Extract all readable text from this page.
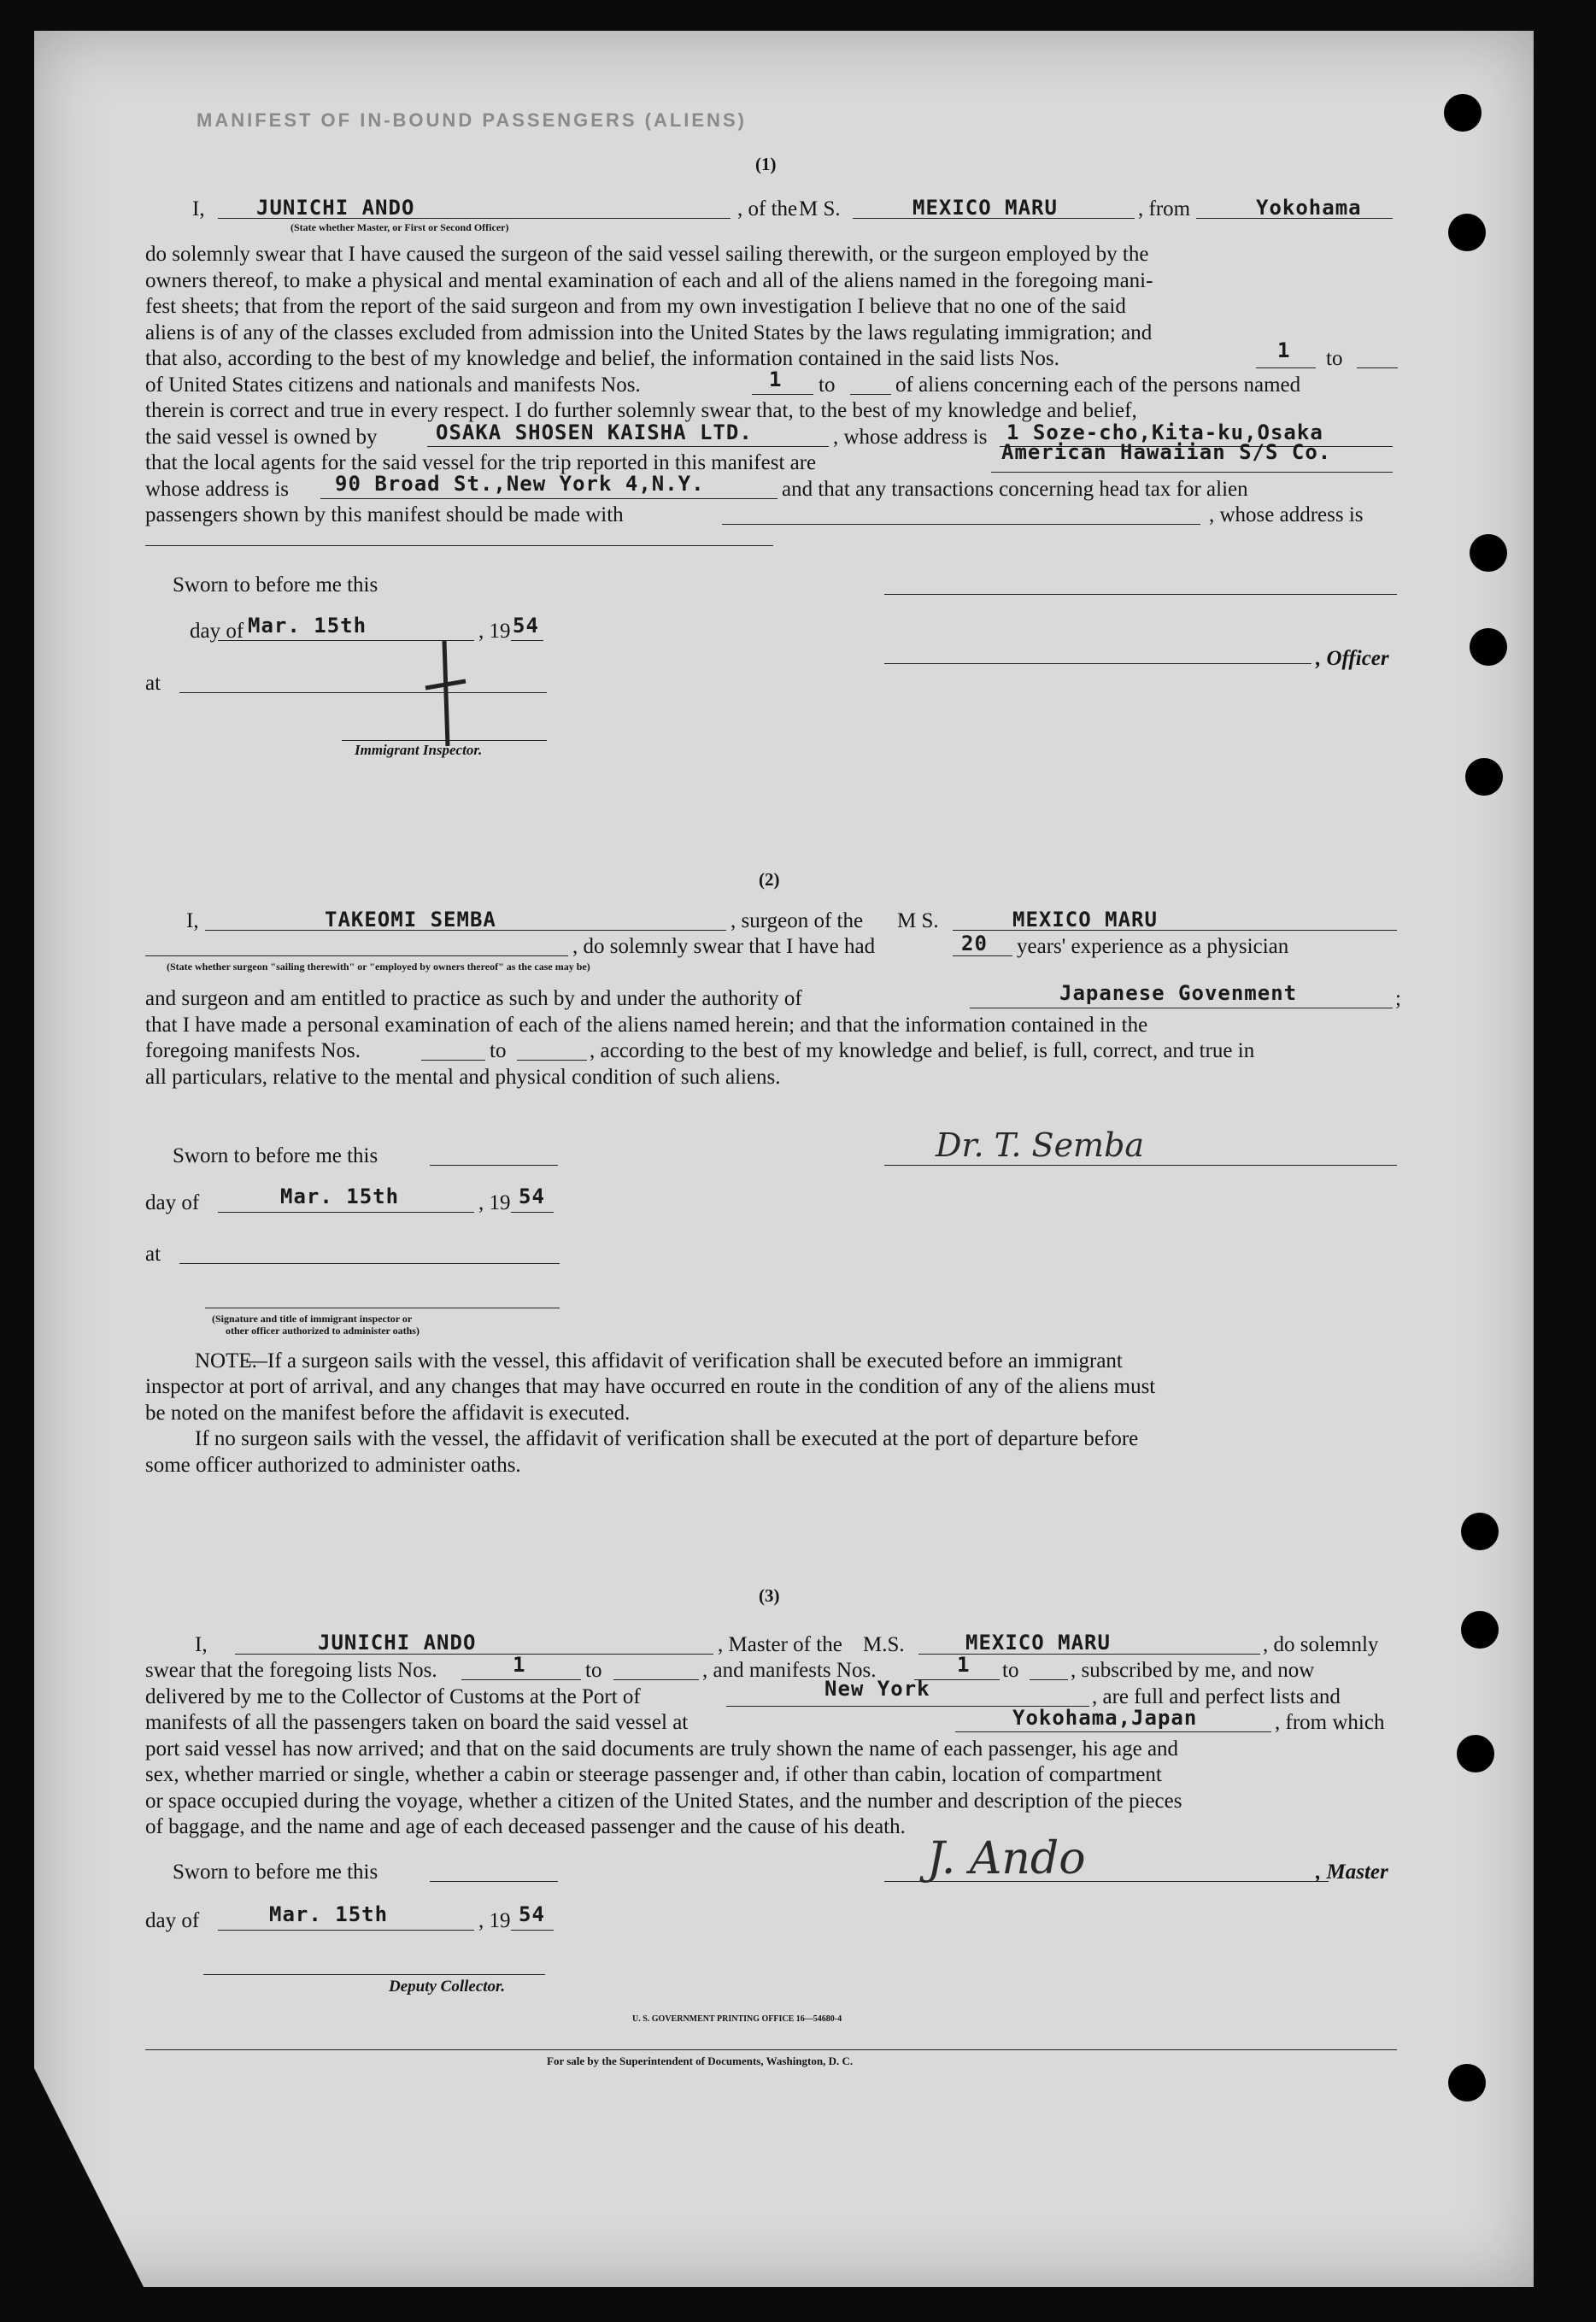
MANIFEST OF IN-BOUND PASSENGERS (ALIENS)
(1)
I,	JUNICHI ANDO	, of the M S.	MEXICO MARU	, from	Yokohama
(State whether Master, or First or Second Officer)
do solemnly swear that I have caused the surgeon of the said vessel sailing therewith, or the surgeon employed by the
owners thereof, to make a physical and mental examination of each and all of the aliens named in the foregoing mani-
fest sheets; that from the report of the said surgeon and from my own investigation I believe that no one of the said
aliens is of any of the classes excluded from admission into the United States by the laws regulating immigration; and
that also, according to the best of my knowledge and belief, the information contained in the said lists Nos.	1 to
of United States citizens and nationals and manifests Nos.	1 to	of aliens concerning each of the persons named
therein is correct and true in every respect. I do further solemnly swear that, to the best of my knowledge and belief,
the said vessel is owned by	OSAKA SHOSEN KAISHA LTD.	, whose address is 1 Soze-cho,Kita-ku,Osaka
that the local agents for the said vessel for the trip reported in this manifest are	American Hawaiian S/S Co.
whose address is 90 Broad St.,New York 4,N.Y.	and that any transactions concerning head tax for alien
passengers shown by this manifest should be made with	, whose address is
Sworn to before me this
day of Mar. 15th	, 19 54
, Officer
at
Immigrant Inspector.
(2)
I,	TAKEOMI SEMBA	, surgeon of the M S.	MEXICO MARU
, do solemnly swear that I have had	20 years' experience as a physician
(State whether surgeon "sailing therewith" or "employed by owners thereof" as the case may be)
and surgeon and am entitled to practice as such by and under the authority of	Japanese Govenment	;
that I have made a personal examination of each of the aliens named herein; and that the information contained in the
foregoing manifests Nos.	to	, according to the best of my knowledge and belief, is full, correct, and true in
all particulars, relative to the mental and physical condition of such aliens.
Sworn to before me this	Dr. T. Semba
day of	Mar. 15th	, 19 54
at
(Signature and title of immigrant inspector or
other officer authorized to administer oaths)
NOTE.
—If a surgeon sails with the vessel, this affidavit of verification shall be executed before an immigrant
inspector at port of arrival, and any changes that may have occurred en route in the condition of any of the aliens must
be noted on the manifest before the affidavit is executed.
If no surgeon sails with the vessel, the affidavit of verification shall be executed at the port of departure before
some officer authorized to administer oaths.
(3)
I,	JUNICHI ANDO	, Master of the M.S.	MEXICO MARU	, do solemnly
swear that the foregoing lists Nos.	1	to	, and manifests Nos.	1 to , subscribed by me, and now
delivered by me to the Collector of Customs at the Port of	New York	, are full and perfect lists and
manifests of all the passengers taken on board the said vessel at	Yokohama,Japan	, from which
port said vessel has now arrived; and that on the said documents are truly shown the name of each passenger, his age and
sex, whether married or single, whether a cabin or steerage passenger and, if other than cabin, location of compartment
or space occupied during the voyage, whether a citizen of the United States, and the number and description of the pieces
of baggage, and the name and age of each deceased passenger and the cause of his death.
Sworn to before me this	J. Ando	, Master
day of	Mar. 15th	, 19 54
Deputy Collector.
U. S. GOVERNMENT PRINTING OFFICE 16—54680-4
For sale by the Superintendent of Documents, Washington, D. C.
